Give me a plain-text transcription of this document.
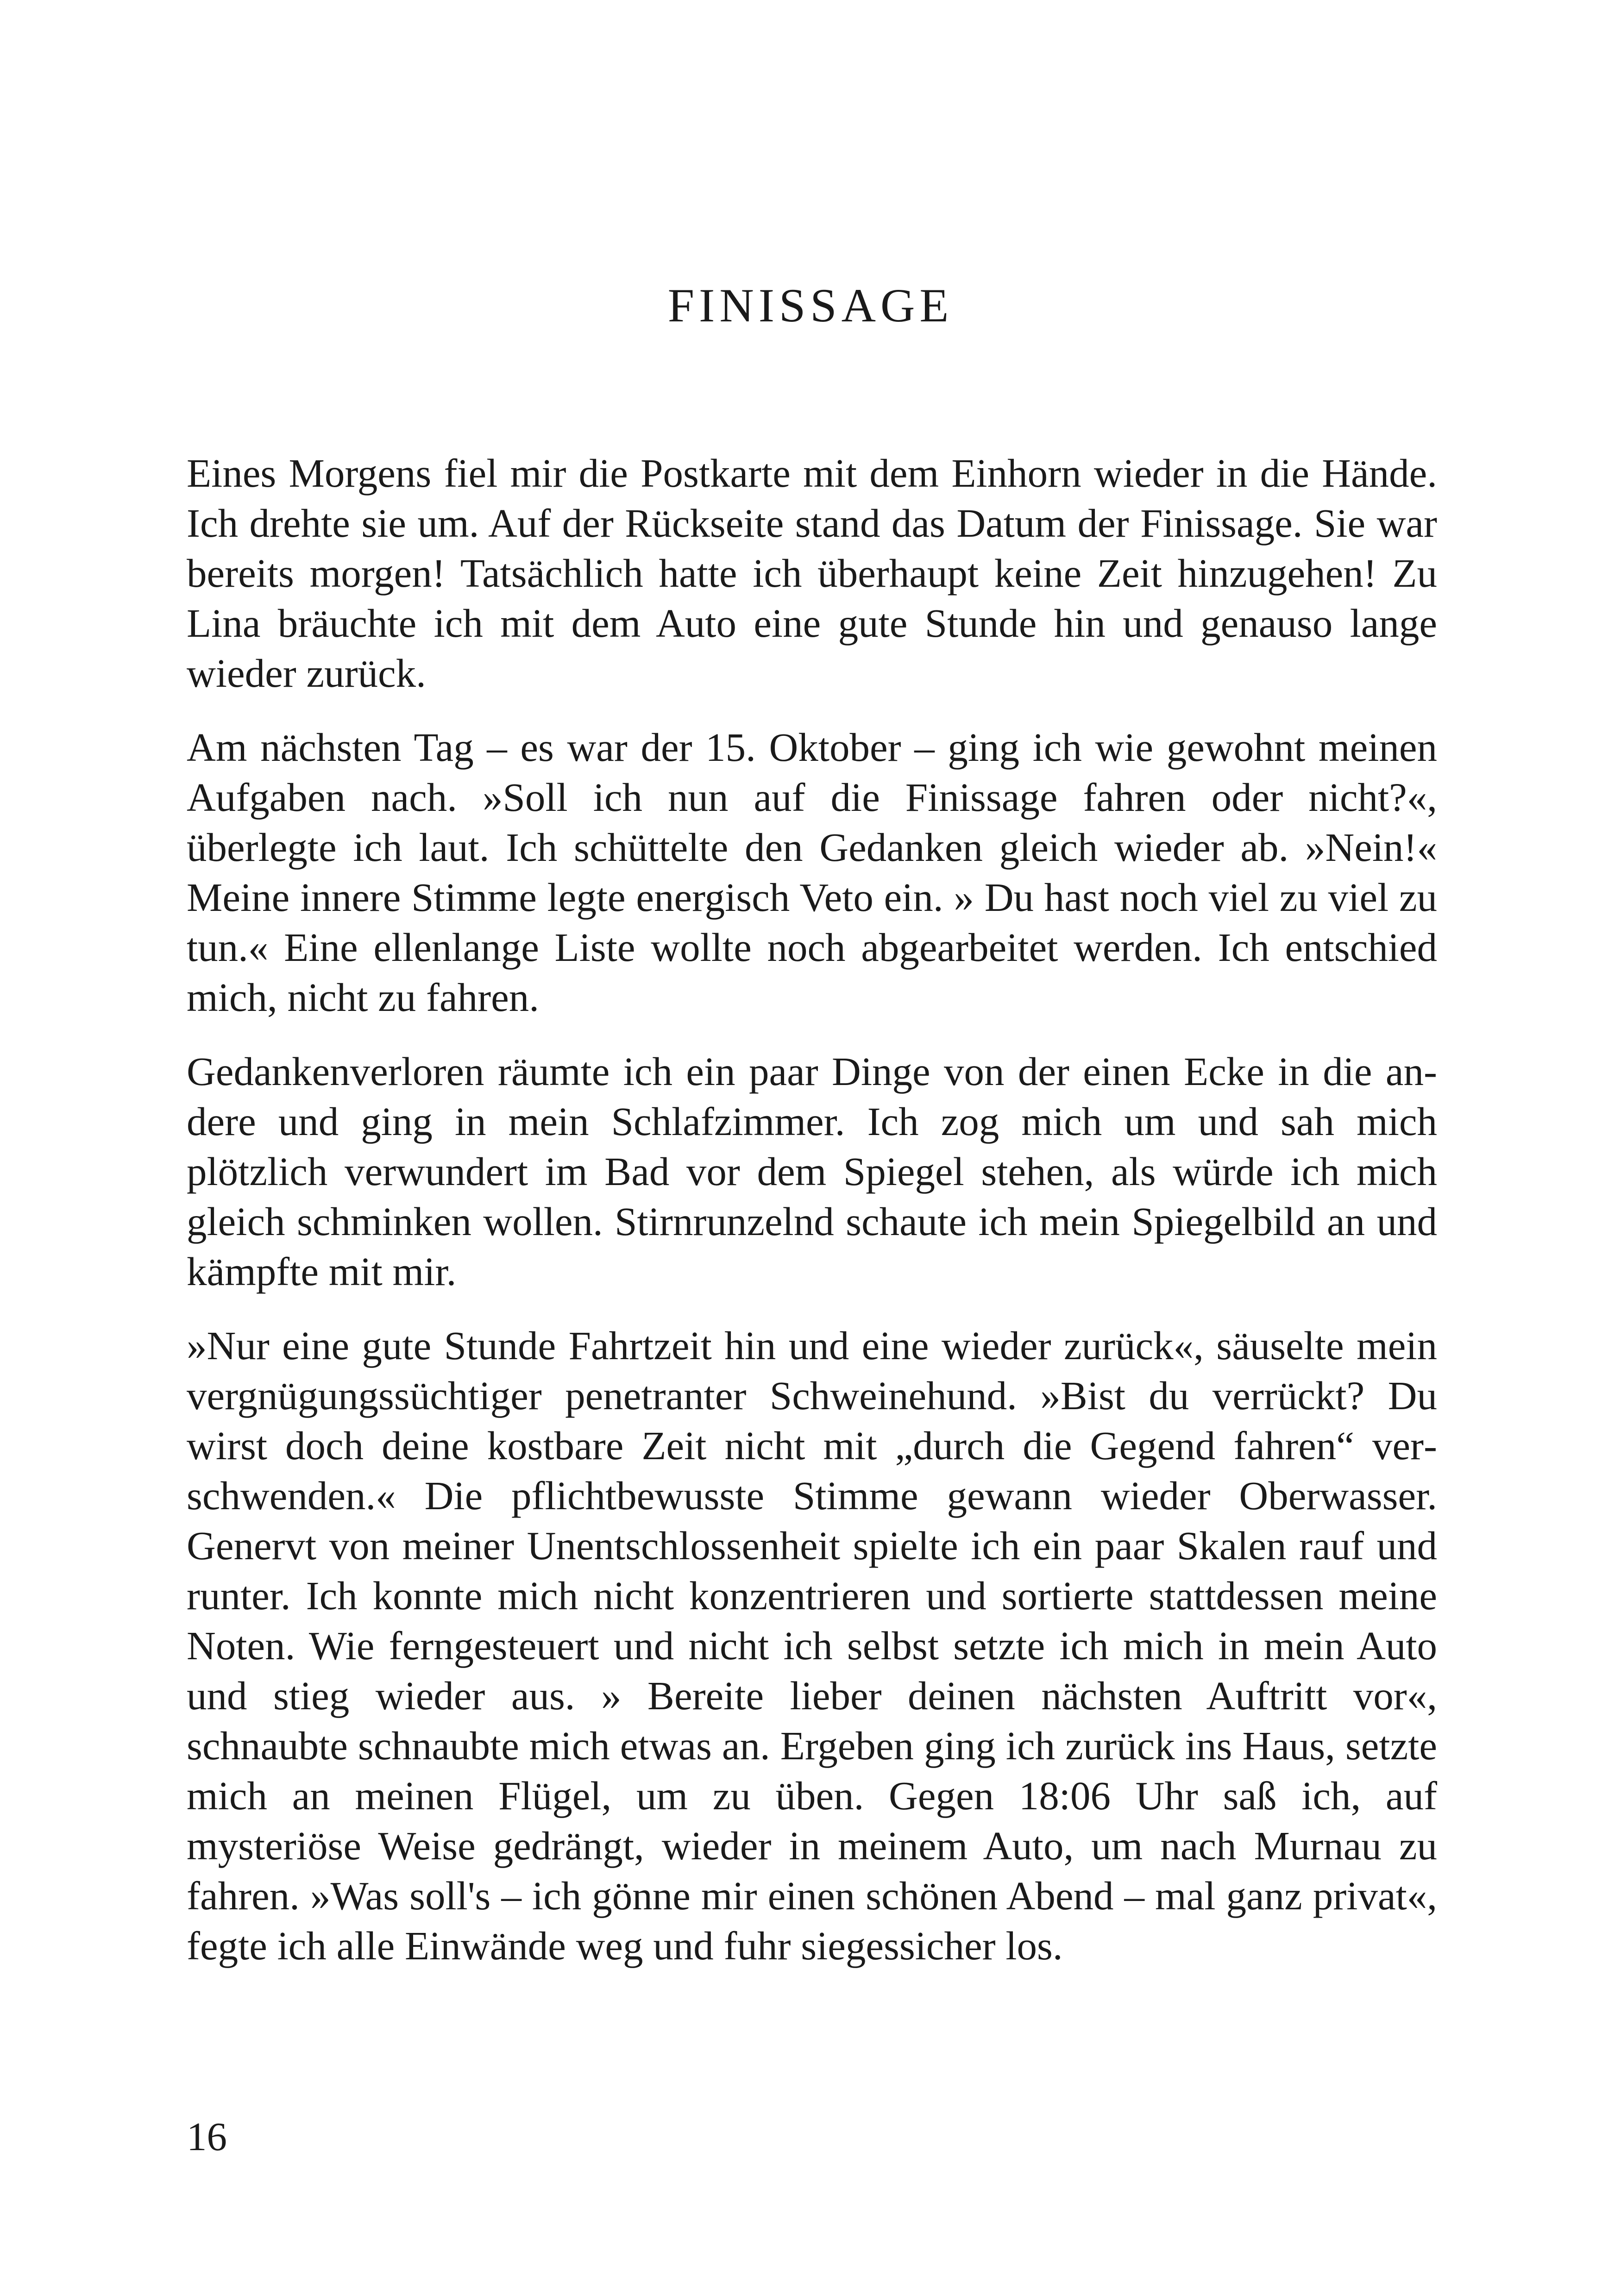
FINISSAGE

Eines Morgens fiel mir die Postkarte mit dem Einhorn wieder in die Hände. Ich drehte sie um. Auf der Rückseite stand das Datum der Finissage. Sie war bereits morgen! Tatsächlich hatte ich überhaupt keine Zeit hinzugehen! Zu Lina bräuchte ich mit dem Auto eine gute Stunde hin und genauso lange wieder zurück.

Am nächsten Tag – es war der 15. Oktober – ging ich wie gewohnt meinen Aufgaben nach. »Soll ich nun auf die Finissage fahren oder nicht?«, überlegte ich laut. Ich schüttelte den Gedanken gleich wieder ab. »Nein!« Meine innere Stimme legte energisch Veto ein. » Du hast noch viel zu viel zu tun.« Eine ellenlange Liste wollte noch abgearbeitet werden. Ich entschied mich, nicht zu fahren.

Gedankenverloren räumte ich ein paar Dinge von der einen Ecke in die andere und ging in mein Schlafzimmer. Ich zog mich um und sah mich plötzlich verwundert im Bad vor dem Spiegel stehen, als würde ich mich gleich schminken wollen. Stirnrunzelnd schaute ich mein Spiegelbild an und kämpfte mit mir.

»Nur eine gute Stunde Fahrtzeit hin und eine wieder zurück«, säuselte mein vergnügungssüchtiger penetranter Schweinehund. »Bist du verrückt? Du wirst doch deine kostbare Zeit nicht mit „durch die Gegend fahren“ verschwenden.« Die pflichtbewusste Stimme gewann wieder Oberwasser. Genervt von meiner Unentschlossenheit spielte ich ein paar Skalen rauf und runter. Ich konnte mich nicht konzentrieren und sortierte stattdessen meine Noten. Wie ferngesteuert und nicht ich selbst setzte ich mich in mein Auto und stieg wieder aus. » Bereite lieber deinen nächsten Auftritt vor«, schnaubte schnaubte mich etwas an. Ergeben ging ich zurück ins Haus, setzte mich an meinen Flügel, um zu üben. Gegen 18:06 Uhr saß ich, auf mysteriöse Weise gedrängt, wieder in meinem Auto, um nach Murnau zu fahren. »Was soll's – ich gönne mir einen schönen Abend – mal ganz privat«, fegte ich alle Einwände weg und fuhr siegessicher los.

16
